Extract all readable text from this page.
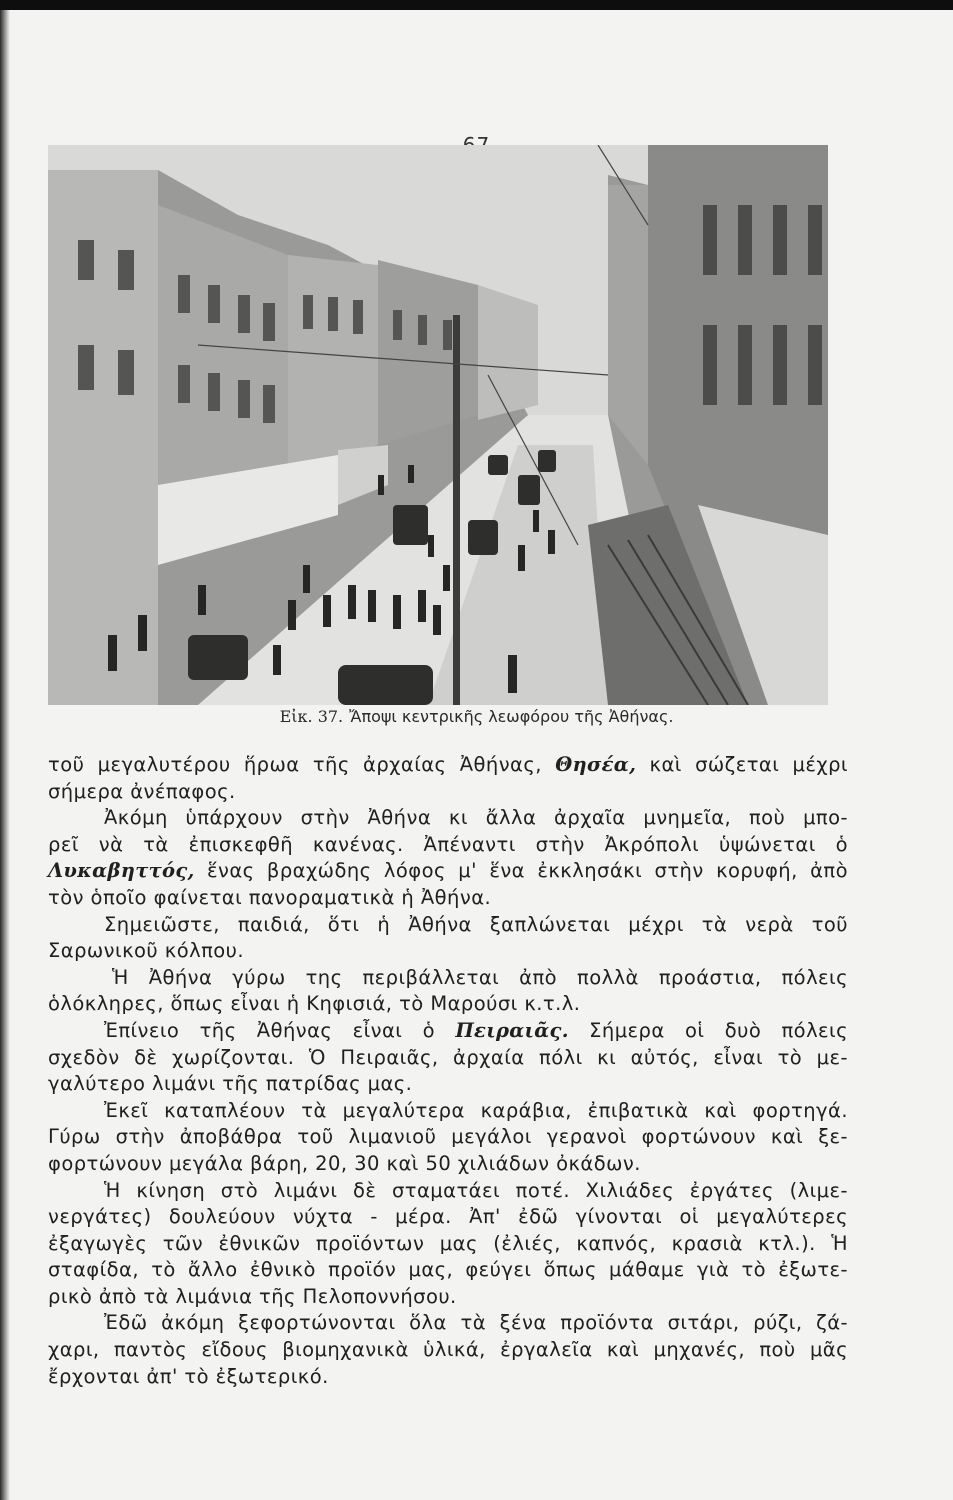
Εἰκ. 37. Ἄποψι κεντρικῆς λεωφόρου τῆς Ἀθήνας.
τοῦ μεγαλυτέρου ἥρωα τῆς ἀρχαίας Ἀθήνας, Θησέα, καὶ σώζεται μέχρι
σήμερα ἀνέπαφος.
Ἀκόμη ὑπάρχουν στὴν Ἀθήνα κι ἄλλα ἀρχαῖα μνημεῖα, ποὺ μπο-
ρεῖ νὰ τὰ ἐπισκεφθῆ κανένας. Ἀπέναντι στὴν Ἀκρόπολι ὑψώνεται ὁ
Λυκαβηττός, ἕνας βραχώδης λόφος μ' ἕνα ἐκκλησάκι στὴν κορυφή, ἀπὸ
τὸν ὁποῖο φαίνεται πανοραματικὰ ἡ Ἀθήνα.
Σημειῶστε, παιδιά, ὅτι ἡ Ἀθήνα ξαπλώνεται μέχρι τὰ νερὰ τοῦ
Σαρωνικοῦ κόλπου.
Ἡ Ἀθήνα γύρω της περιβάλλεται ἀπὸ πολλὰ προάστια, πόλεις
ὁλόκληρες, ὅπως εἶναι ἡ Κηφισιά, τὸ Μαρούσι κ.τ.λ.
Ἐπίνειο τῆς Ἀθήνας εἶναι ὁ Πειραιᾶς. Σήμερα οἱ δυὸ πόλεις
σχεδὸν δὲ χωρίζονται. Ὁ Πειραιᾶς, ἀρχαία πόλι κι αὐτός, εἶναι τὸ με-
γαλύτερο λιμάνι τῆς πατρίδας μας.
Ἐκεῖ καταπλέουν τὰ μεγαλύτερα καράβια, ἐπιβατικὰ καὶ φορτηγά.
Γύρω στὴν ἀποβάθρα τοῦ λιμανιοῦ μεγάλοι γερανοὶ φορτώνουν καὶ ξε-
φορτώνουν μεγάλα βάρη, 20, 30 καὶ 50 χιλιάδων ὀκάδων.
Ἡ κίνηση στὸ λιμάνι δὲ σταματάει ποτέ. Χιλιάδες ἐργάτες (λιμε-
νεργάτες) δουλεύουν νύχτα - μέρα. Ἀπ' ἐδῶ γίνονται οἱ μεγαλύτερες
ἐξαγωγὲς τῶν ἐθνικῶν προϊόντων μας (ἐλιές, καπνός, κρασιὰ κτλ.). Ἡ
σταφίδα, τὸ ἄλλο ἐθνικὸ προϊόν μας, φεύγει ὅπως μάθαμε γιὰ τὸ ἐξωτε-
ρικὸ ἀπὸ τὰ λιμάνια τῆς Πελοποννήσου.
Ἐδῶ ἀκόμη ξεφορτώνονται ὅλα τὰ ξένα προϊόντα σιτάρι, ρύζι, ζά-
χαρι, παντὸς εἴδους βιομηχανικὰ ὑλικά, ἐργαλεῖα καὶ μηχανές, ποὺ μᾶς
ἔρχονται ἀπ' τὸ ἐξωτερικό.
